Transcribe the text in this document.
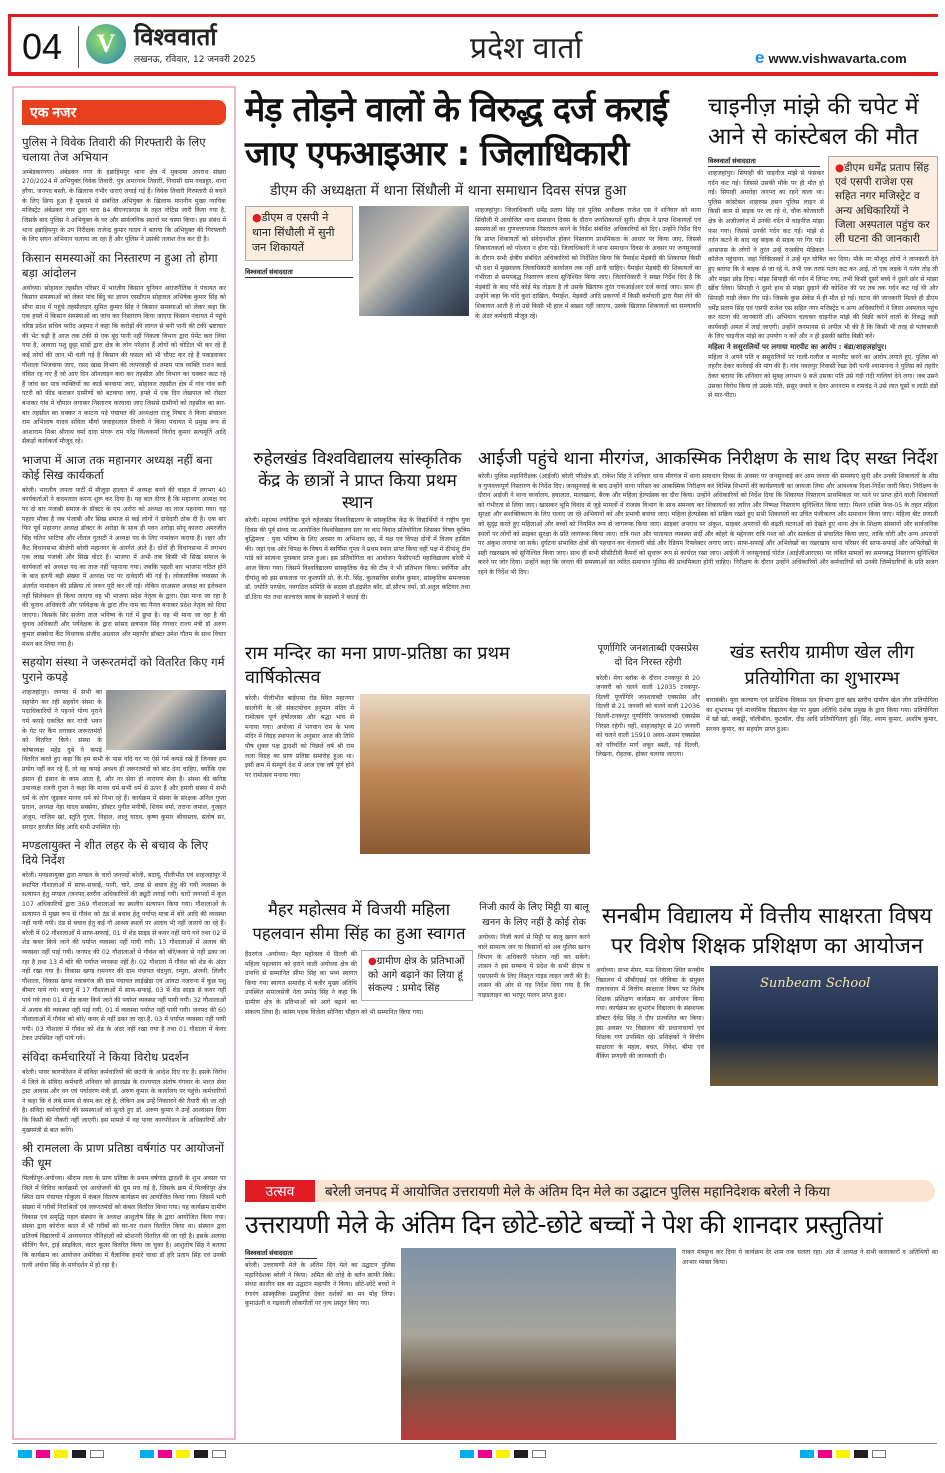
04	V विश्ववार्ता
लखनऊ, रविवार, 12 जनवरी 2025	प्रदेश वार्ता	e www.vishwavarta.com
एक नजर
पुलिस ने विवेक तिवारी की गिरफ्तारी के लिए चलाया तेज अभियान

अम्बेडकरनगर। अंबेडकर नगर के इब्राहिमपुर थाना क्षेत्र में मुकदमा अपराध संख्या 270/2024 में अभियुक्त विवेक तिवारी, पुत्र अमरनाथ तिवारी, निवासी ग्राम नवडहुर, थाना हरैया, जनपद बस्ती, के खिलाफ गंभीर धाराएं लगाई गई हैं। विवेक तिवारी गिरफ्तारी से बचने के लिए छिपा हुआ है मुकदमे से संबंधित अभियुक्त के खिलाफ माननीय मुख्य न्यायिक मजिस्ट्रेट अंबेडकर नगर द्वारा धारा 84 बीएनएसएस के तहत नोटिस जारी किया गया है, जिसके बाद पुलिस ने अभियुक्त के घर और सार्वजनिक स्थानों पर चस्पा किया। इस संबंध में थाना इब्राहिमपुर के उप निरीक्षक राजेन्द्र कुमार यादव ने बताया कि अभियुक्त की गिरफ्तारी के लिए सघन अभियान चलाया जा रहा है और पुलिस ने उसकी तलाश तेज कर दी है।

किसान समस्याओं का निस्तारण न हुआ तो होगा बड़ा आंदोलन

अयोध्या। सोहावल तहसील परिसर में भारतीय किसान यूनियन अराजनैतिक ने पंचायत कर किसान समस्याओं को लेकर पांच बिंदु का ज्ञापन एसडीएम सोहावल अभिषेक कुमार सिंह को सौंपा साथ में पहुंचे तहसीलदार सुमित कुमार सिंह ने किसान समस्याओं को लेकर कहा कि एक हफ्ते में किसान समस्याओं का जांच कर निस्तारण किया जाएगा किसान पंचायत में पहुंचे वरिष्ठ प्रदेश सचिव फरीद अहमद ने कहा कि करोड़ों की लागत से बनी पानी की टंकी भ्रष्टाचार की भेंट चढ़ी है आज तक टंकी से एक बूंद पानी नहीं निकला विभाग द्वारा पेमेंट करा लिया गया है, आवारा पशु छुट्टा सांडों द्वारा क्षेत्र के लोग परेशान हैं लोगों को चोटिल भी कर रहे हैं कई लोगों की जान भी चली गई है किसान की फसल को भी चौपट कर रहे हैं पकड़वाकर गौशाला भिजवाया जाए, रसद खाद्य विभाग की लापरवाही से तमाम पात्र व्यक्ति राशन कार्ड वंचित रह गए हैं जो आए दिन ऑनलाइन करा कर तहसील और विभाग का चक्कर काट रहे हैं जांच कर पात्र व्यक्तियों का कार्ड बनवाया जाए, सोहावल तहसील क्षेत्र में गांव गांव बनी पटरी को फीड कराकर ग्रामीणों को बटवाया जाए, हफ्ते में एक दिन लेखपाल को रोस्टर बनाकर गांव में चौपाल लगाकर निस्तारण करवाया जाए जिससे ग्रामीणों को तहसील का बार-बार तहसील का चक्कर न काटना पड़े पंचायत की अध्यक्षता राजू निषाद ने किया संचालन राम अभिलाष यादव सविता मौर्या जवाहरलाल तिवारी ने किया पंचायत में प्रमुख रूप से आशाराम मिश्रा श्रीनाथ वर्मा दादा मंगरू राम नरेंद्र विश्वकर्मा विनोद कुमार सत्यमूर्ति आदि सैकड़ों कार्यकर्ता मौजूद रहे।

भाजपा में आज तक महानगर अध्यक्ष नहीं बना कोई सिख कार्यकर्ता

बरेली। भारतीय जनता पार्टी में मौजूदा हालात में अध्यक्ष बनने की चाहत में लगभग 40 कार्यकर्ताओं ने कदमताल करना शुरू कर दिया है। यह बात दीगर है कि महानगर अध्यक्ष पद पर दो बार पंजाबी समाज के डॉक्टर के एम अरोरा को अध्यक्ष का ताज पहनाया गया। यह पहला मौका है जब पंजाबी और सिख समाज से कई लोगों ने दावेदारी ठोक दी है। एक बार फिर पूर्व महानगर अध्यक्ष डॉक्टर के अरोड़ा के साथ ही पवन अरोड़ा सोनू कालरा अमरजीत सिंह यतिन भाटिया और शीतल गुलाटी ने अध्यक्ष पद के लिए नामांकन कराया है। शहर और कैंट विधानसभा बीजेपी बरेली महानगर के अंतर्गत आते हैं। दोनों ही विधानसभा में लगभग एक लाख पंजाबी और सिख वोटर हैं। भाजपा में अभी तक किसी भी सिख समाज के कार्यकर्ता को अध्यक्ष पद का ताज नहीं पहनाया गया। जबकि पहली बार भाजपा गठित होने के बाद इतनी बड़ी संख्या में अध्यक्ष पद पर दावेदारी की गई है। लोकतांत्रिक व्यवस्था के अंतर्गत नामांकन की प्रक्रिया तो जरूर पूरी कर ली गई। लेकिन दरअसल अध्यक्ष का इलेक्शन नहीं सिलेक्शन ही किया जाएगा वह भी भाजपा प्रदेश नेतृत्व के द्वारा। ऐसा माना जा रहा है की चुनाव अधिकारी और पर्यवेक्षक के द्वारा तीन नाम का पैनल बनाकर प्रदेश नेतृत्व को दिया जाएगा। किसके सिर सजेगा ताज भविष्य के गर्त में छुपा है। यह भी माना जा रहा है की चुनाव अधिकारी और पर्यवेक्षक के द्वारा सांसद छत्रपाल सिंह गंगवार राज्य मंत्री डॉ अरुण कुमार सक्सेना कैंट विधायक संजीव अग्रवाल और महापौर डॉक्टर उमेश गौतम के साथ विचार मंथन कर लिया गया है।

सहयोग संस्था ने जरूरतमंदों को वितरित किए गर्म पुराने कपड़े

शाहजहांपुर। जनपद में सभी का सहयोग कर रही सहयोग संस्था के पदाधिकारियों ने पहनने योग्य पुराने गर्म कपड़े एकत्रित कर गांधी भवन के गेट पर कैंप लगाकर जरूरतमंदों को वितरित किये। संस्था के कोषाध्यक्ष महेंद्र दुबे ने कपड़े वितरित करते हुए कहा कि हम सभी के पास यदि घर पर ऐसे गर्म कपड़े रखे हैं जिनका हम प्रयोग नहीं कर रहे हैं, तो वह कपड़े अवश्य ही जरूरतमंदों को बांट देना चाहिए, क्योंकि एक इंसान ही इंसान के काम आता है, और नर सेवा ही नारायण सेवा है। संस्था की कनिष्ठ उपाध्यक्ष रजनी गुप्ता ने कहा कि मानव धर्म सभी धर्म से ऊपर है और हमारी संस्था में सभी धर्म के लोग जुड़कर मानव धर्म को निभा रहे हैं। कार्यक्रम में संस्था के संरक्षक अनिल गुप्ता प्रधान, अध्यक्ष नेहा यादव सक्सेना, डॉक्टर पुनीत मनीषी, शिवम वर्मा, तराना जमाल, नुजहत अंजुम, नाजिम खां, स्तुति गुप्ता, निहाल, शालू यादव, कृष्ण कुमार श्रीवास्तव, संतोष सर, सरदार हरजीत सिंह आदि सभी उपस्थित रहे।

मण्डलायुक्त ने शीत लहर के से बचाव के लिए दिये निर्देश

बरेली। मण्डलायुक्त द्वारा मण्डल के चारों जनपदों बरेली, बदायूं, पीलीभीत एवं शाहजहांपुर में स्थापित गौशालाओं में साफ-सफाई, पानी, चारे, ठण्ड से बचाव हेतु की गयी व्यवस्था के सत्यापन हेतु मण्डल /जनपद स्तरीय अधिकारियों की ड्यूटी लगाई गयी। चारों जनपदों में कुल 107 अधिकारियों द्वारा 369 गौशालाओं का स्थलीय सत्यापन किया गया। गौशालाओं के सत्यापन में मुख्य रूप से गौवंश को ठंड से बचाव हेतु पर्याप्त मात्रा में बोरे आदि की व्यवस्था नहीं पायी गयी। ठंड से बचाव हेतु कई गौ आश्रय स्थलों पर अलाव भी नहीं जलाये जा रहे हैं। बरेली में 02 गौशालाओं में साफ-सफाई, 01 में शेड साइड से कवर नहीं पाये गये तथा 02 में शेड कवर किये जाने की पर्याप्त व्यवस्था नहीं पायी गयी। 13 गौशालाओं में अलाव की व्यवस्था नहीं पाई गयी। जनपद की 02 गौशालाओं में गौवंश को बोरे/कवर से नहीं ढका जा रहा है तथा 13 में बोरे की पर्याप्त व्यवस्था नहीं है। 02 गौशाला में गौवंश को शेड के अंदर नहीं रखा गया है। विकास खण्ड रामनगर की ग्राम पंचायत चंदपुरा, रम्पुरा, अंजनी, लिलौर गौशाला, विकास खण्ड नवाबगंज की ग्राम पंचायत लाईखेड़ा एवं आंवटा नजराना में कुछ पशु बीमार पाये गये। बदायूं में 17 गौशालाओं में साफ-सफाई, 03 में शेड साइड से कवर नहीं पाये गये तथा 01 में शेड कवर किये जाने की पर्याप्त व्यवस्था नहीं पायी गयी। 32 गौशालाओं में अलाव की व्यवस्था नहीं पाई गयी, 01 में व्यवस्था पर्याप्त नहीं पायी गयी। जनपद की 60 गौशालाओं में गौवंश को बोरे/ कवर से नहीं ढका जा रहा है, 03 में पर्याप्त व्यवस्था नहीं पायी गयी। 03 गौशाला में गौवंश को शेड के अंदर नहीं रखा गया है तथा 01 गौशाला में केयर टेकर उपस्थित नहीं पाये गये।

संविदा कर्मचारियों ने किया विरोध प्रदर्शन

बरेली। पावर कारपोरेशन में संविदा कर्मचारियों की छंटनी के आदेश दिए गए हैं। इसके विरोध में जिले के संविदा कर्मचारी शनिवार को झारखंड के राज्यपाल संतोष गंगवार के भारत सेवा ट्रस्ट आवास और वन एवं पर्यावरण मंत्री डॉ. अरुण कुमार के कार्यालय पर पहुंचे। कर्मचारियों ने कहा कि वे लंबे समय से काम कर रहे हैं, लेकिन अब उन्हें निकालने की तैयारी की जा रही है। संविदा कर्मचारियों की समस्याओं को सुनते हुए डॉ. अरुण कुमार ने उन्हें आश्वासन दिया कि किसी की नौकरी नहीं जाएगी। इस मामले में वह पावर कारपोरेशन के अधिकारियों और मुख्यमंत्री से बात करेंगे।

श्री रामलला के प्राण प्रतिष्ठा वर्षगांठ पर आयोजनों की धूम

मिल्कीपुर-अयोध्या। श्रीराम लला के प्राण प्रतिष्ठा के प्रथम वर्षगांठ द्वादशी के शुभ अवसर पर जिले में विविध कार्यक्रमों एवं आयोजनों की धूम मच गई है, जिसके क्रम में मिल्कीपुर क्षेत्र स्थित ग्राम पंचायत गोकुला में कंबल वितरण कार्यक्रम का आयोजित किया गया। जिसमें भारी संख्या में गरीबों निराश्रितों एवं जरूरतमंदों को कंबल वितरित किया गया। यह कार्यक्रम ग्रामीण विकास एवं समृद्धि पहल संस्थान के अध्यक्ष आशुतोष सिंह के द्वारा आयोजित किया गया। संस्था द्वारा कोरोना काल में भी गरीबों को घर-घर राशन वितरित किया था। संस्थान द्वारा प्रतिवर्ष विद्यालयों में अध्ययनरत नौनिहालों को स्टेशनरी वितरित की जा रही है। इसके अलावा सीलिंग फैन, ट्राई साइकिल, वाटर कूलर वितरित किया जा चुका है। आशुतोष सिंह ने बताया कि कार्यक्रम का आयोजन अमेरिका में वैज्ञानिक हमारे चाचा डॉ हरि प्रताप सिंह एवं उनकी पत्नी अर्चना सिंह के मार्गदर्शन में हो रहा है।

मेड़ तोड़ने वालों के विरुद्ध दर्ज कराई जाए एफआइआर : जिलाधिकारी
डीएम की अध्यक्षता में थाना सिंधौली में थाना समाधान दिवस संपन्न हुआ
●डीएम व एसपी ने थाना सिंधौली में सुनी जन शिकायतें
विश्ववार्ता संवाददाता

शाहजहांपुर। जिलाधिकारी धर्मेंद्र प्रताप सिंह एवं पुलिस अधीक्षक राजेश एस ने शनिवार को थाना सिंधौली में आयोजित थाना समाधान दिवस के दौरान जनशिकायतें सुनी। डीएम ने प्राप्त शिकायतों एवं समस्याओं का गुणवत्तापरक निस्तारण करने के निर्देश संबंधित अधिकारियों को दिए। उन्होंने निर्देश दिए कि प्राप्त शिकायतों को संवेदनशील होकर निस्तारण प्राथमिकता के आधार पर किया जाए, जिससे शिकायतकर्ता को परेशान न होना पड़े। जिलाधिकारी ने थाना समाधान दिवस के अवसर पर जनसुनवाई के दौरान सभी क्षेत्रीय संबंधित अधिकारियों को निर्देशित किया कि पैमाईश मेड़बंदी की शिकायत किसी भी दशा में मुख्यालय जिलाधिकारी कार्यालय तक नहीं आनी चाहिए। पैमाईश मेड़बंदी की शिकायतों का गंभीरता से समयबद्ध निस्तारण करना सुनिश्चित किया जाए। जिलाधिकारी ने सख्त निर्देश दिए हैं कि मेड़बंदी के बाद यदि कोई मेड़ तोड़ता है तो उसके खिलाफ तुरंत एफआईआर दर्ज कराई जाए। साथ ही उन्होंने कहा कि यदि कुरां दाखिल, पैमाईश, मेड़बंदी आदि प्रकरणों में किसी कर्मचारी द्वारा पैसा लेने की शिकायत आती है तो उसे किसी भी हाल में बख्शा नहीं जाएगा, उसके खिलाफ शिकायतों का समयावधि के अंदर कर्मचारी मौजूद रहे।

चाइनीज़ मांझे की चपेट में आने से कांस्टेबल की मौत
●डीएम धर्मेंद्र प्रताप सिंह एवं एसपी राजेश एस सहित नगर मजिस्ट्रेट व अन्य अधिकारियों ने जिला अस्पताल पहुंच कर ली घटना की जानकारी
विश्ववार्ता संवाददाता

शाहजहांपुर। सिपाही की चाइनीज मांझे से फंसकर गर्दन कट गई। जिससे उसकी मौके पर ही मौत हो गई। सिपाही अमरोहा जनपद का रहने वाला था। पुलिस कांस्टेबल शाहरुख हसन पुलिस लाइन से किसी काम से बाइक पर जा रहे थे, चौक कोतवाली क्षेत्र के अजीजगंज में उनकी गर्दन में चाइनीज मांझा फंस गया। जिससे उनकी गर्दन कट गई। मांझे से गर्दन कटने के बाद वह बाइक से सड़क पर गिर पड़े। आसपास के लोगों ने तुरंत उन्हें राजकीय मेडिकल कॉलेज पहुंचाया, जहां चिकित्सकों ने उन्हें मृत घोषित कर दिया। मौके पर मौजूद लोगों ने जानकारी देते हुए बताया कि ये बाइक से जा रहे थे, तभी एक तरफ पतंग कट कर आई, तो एक लड़के ने पतंग तोड़ ली और मांझा छोड़ दिया। मांझा सिपाही की गर्दन में लिपट गया, तभी किसी दूसरे बच्चे ने दूसरे छोर से मांझा खींच लिया। सिपाही ने दूसरे हाथ से मांझा छुड़ाने की कोशिश की पर तब तक गर्दन कट गई थी और सिपाही गाड़ी लेकर गिर पड़े। जिसके कुछ सेकेंड में ही मौत हो गई। घटना की जानकारी मिलते ही डीएम धर्मेंद्र प्रताप सिंह एवं एसपी राजेश एस सहित नगर मजिस्ट्रेट व अन्य अधिकारियों ने जिला अस्पताल पहुंच कर घटना की जानकारी ली। अभियान चलाकर चाइनीज मांझे की बिक्री करने वालों के विरुद्ध कड़ी कार्यवाही अमल में लाई जाएगी। उन्होंने जनमानस से अपील भी की है कि किसी भी तरह से पतंगबाजी के लिए चाइनीज मांझे का उपयोग न करें और न ही इसकी खरीद बिक्री करें।

महिला ने ससुरालियों पर लगाया मारपीट का आरोप : बंडा/शाहजहांपुर।

महिला ने अपने पति व ससुरालियों पर गाली-गलौज व मारपीट करने का आरोप लगाते हुए, पुलिस को तहरीर देकर कार्रवाई की मांग की है। गांव नवलपुर निवासी रेखा देवी पत्नी श्यामानन्द ने पुलिस को तहरीर देकर बताया कि शनिवार को सुबह लगभग 9 बजे उसका पति उसे गंदी गंदी गालियां देने लगा। जब उसने उसका विरोध किया तो उसके पति, ससुर जवारे व देवर अननराम व रामचंद्र ने उसे लात घूसों व लाठी डंडों से मार-पीटा।

रुहेलखंड विश्वविद्यालय सांस्कृतिक केंद्र के छात्रों ने प्राप्त किया प्रथम स्थान

बरेली। महात्मा ज्योतिबा फुले रुहेलखंड विश्वविद्यालय के सांस्कृतिक केंद्र के विद्यार्थियों ने राष्ट्रीय युवा दिवस की पूर्व संध्या पर आयोजित विश्वविद्यालय स्तर पर वाद विवाद प्रतियोगिता जिसका विषय कृत्रिम बुद्धिमत्ता : युवा भविष्य के लिए अवसर या अभिशाप रहा, में पक्ष एवं विपक्ष दोनों में विजय हासिल की। जहां एक ओर विपक्ष के विषय में स्वर्णिमा गुप्ता ने प्रथम स्थान प्राप्त किया वहीं पक्ष में दीपांशु टीम पांडे को सांत्वना पुरस्कार प्राप्त हुआ। इस प्रतियोगिता का आयोजन फैसीएनटी महाविद्यालय बरेली में आज किया गया। जिसमें विश्वविद्यालय सांस्कृतिक केंद्र की टीम ने भी प्रतिभाग किया। स्वर्णिमा और दीपांशु को इस सफलता पर कुलपति प्रो. के.पी. सिंह, कुलसचिव संजीव कुमार, सांस्कृतिक समन्वयक डॉ. ज्योति पाण्डेय, नवगठित समिति के सदस्य डॉ.इंद्रप्रीत कौर, डॉ.सौरभ वर्मा, डॉ.अतुल कटियार तथा डॉ.दिना पंत तथा कल्चरल क्लब के सदस्यों ने बधाई दी।

आईजी पहुंचे थाना मीरगंज, आकस्मिक निरीक्षण के साथ दिए सख्त निर्देश

बरेली। पुलिस महानिरीक्षक (आईजी) बरेली परिक्षेत्र डॉ. राकेश सिंह ने शनिवार थाना मीरगंज में थाना समाधान दिवस के अवसर पर जनसुनवाई कर आम जनता की समस्याएं सुनी और उनकी शिकायतों के शीघ्र व गुणवत्तापूर्ण निस्तारण के निर्देश दिए। जनसुनवाई के बाद उन्होंने थाना परिसर का आकस्मिक निरीक्षण कर विभिन्न विभागों की कार्यप्रणाली का जायजा लिया और आवश्यक दिशा-निर्देश जारी किए। निरीक्षण के दौरान आईजी ने थाना कार्यालय, हवालात, मालखाना, बैरक और महिला हेल्पडेस्क का दौरा किया। उन्होंने अधिकारियों को निर्देश दिया कि शिकायत निस्तारण प्राथमिकता पर थाने पर प्राप्त होने वाली शिकायतों को गंभीरता से लिया जाए। खासकर भूमि विवाद से जुड़े मामलों में राजस्व विभाग के साथ समन्वय कर शिकायतों का त्वरित और निष्पक्ष निस्तारण सुनिश्चित किया जाए। मिशन शक्ति फेज-05 के तहत महिला सुरक्षा और सशक्तिकरण के लिए चलाए जा रहे अभियानों को और प्रभावी बनाया जाए। महिला हेल्पडेस्क को सक्रिय रखते हुए सभी शिकायतों का उचित पंजीकरण और समाधान किया जाए। महिला बीट प्रणाली को सुदृढ़ करते हुए महिलाओं और बच्चों को नियमित रूप से जागरूक किया जाए। साइबर अपराध पर अंकुश, साइबर अपराधों की बढ़ती घटनाओं को देखते हुए थाना क्षेत्र के शिक्षण संस्थानों और सार्वजनिक स्थलों पर लोगों को साइबर सुरक्षा के प्रति जागरूक किया जाए। रात्रि गश्त और यातायात व्यवस्था सर्दी और कोहरे के मद्देनजर रात्रि गश्त को और सतर्कता से संचालित किया जाए, ताकि चोरी और अन्य अपराधों पर अंकुश लगाया जा सके। दुर्घटना संभावित क्षेत्रों की पहचान कर चेतावनी बोर्ड और रेडियम रिफ्लेक्टर लगाए जाएं। साफ-सफाई और अभिलेखों का रखरखाव थाना परिसर की साफ-सफाई और अभिलेखों के सही रखरखाव को सुनिश्चित किया जाए। साथ ही सभी सीसीटीवी कैमरों को सुचारू रूप से कार्यरत रखा जाए। आईजी ने जनसुनवाई पोर्टल (आईजीआरएस) पर लंबित मामलों का समयबद्ध निस्तारण सुनिश्चित करने पर जोर दिया। उन्होंने कहा कि जनता की समस्याओं का त्वरित समाधान पुलिस की प्राथमिकता होनी चाहिए। निरीक्षण के दौरान उन्होंने अधिकारियों और कर्मचारियों को उनकी जिम्मेदारियों के प्रति सजग रहने के निर्देश भी दिए।

राम मन्दिर का मना प्राण-प्रतिष्ठा का प्रथम वार्षिकोत्सव

बरेली। पीलीभीत बाईपास रोड स्थित महानगर कालोनी के श्री संकटमोचन हनुमान मंदिर में रामोत्सव पूर्ण हर्षोल्लास और श्रद्धा भाव से मनाया गया। अयोध्या में भगवान राम के भव्य मंदिर में विग्रह स्थापना के अनुसार आज की तिथि पौष शुक्ल पक्ष द्वादशी को पिछले वर्ष श्री राम लला विग्रह का प्राण प्रतिष्ठा समारोह हुआ था। इसी क्रम में सम्पूर्ण देश में आज एक वर्ष पूर्ण होने पर रामोत्सव मनाया गया।

पूर्णागिरि जनशताब्दी एक्सप्रेस दो दिन निरस्त रहेगी

बरेली। मेगा ब्लॉक के दौरान टनकपुर से 20 जनवरी को चलने वाली 12035 टनकपुर-दिल्ली पूर्णागिरि जनशताब्दी एक्सप्रेस और दिल्ली से 21 जनवरी को चलने वाली 12036 दिल्ली-टनकपुर पूर्णागिरि जनशताब्दी एक्सप्रेस निरस्त रहेगी। यहीं, शाहजहांपुर से 20 जनवरी को चलने वाली 15910 अवध-असम एक्सप्रेस को परिवर्तित मार्ग शकूर बस्ती, नई दिल्ली, लिखना, रोहतक, होकर चलाया जाएगा।

खंड स्तरीय ग्रामीण खेल लीग प्रतियोगिता का शुभारम्भ

बाराबंकी। युवा कल्याण एवं प्रादेशिक विकास दल विभाग द्वारा खंड स्तरीय ग्रामीण खेल लीग प्रतियोगिता का शुभारम्भ पूर्व माध्यमिक विद्यालय बेड़ा पर मुख्य अतिथि दर्शक प्रमुख के द्वारा किया गया। प्रतियोगिता में खो खो, कबड्डी, वॉलीबॉल, फुटबॉल, दौड़ आदि प्रतियोगिताएं हुईं। सिंह, श्याम कुमार, आशीष कुमार, सरवन कुमार, का सहयोग प्राप्त हुआ।

मैहर महोत्सव में विजयी महिला पहलवान सीमा सिंह का हुआ स्वागत
●ग्रामीण क्षेत्र के प्रतिभाओं को आगे बढ़ाने का लिया हूं संकल्प : प्रमोद सिंह

हैदरगंज -अयोध्या। मैहर महोत्सव में दिल्ली की महिला पहलवान को हराने वाली अयोध्या क्षेत्र की उपाधि से सम्मानित सीमा सिंह का भव्य स्वागत किया गया स्वागत समारोह में बतौर मुख्य अतिथि उपस्थित समाजसेवी नेता प्रमोद सिंह ने कहा कि ग्रामीण क्षेत्र के प्रतिभाओं को आगे बढ़ाने का संकल्प लिया है। कांस्य पदक विजेता सोनिया चौहान को भी सम्मानित किया गया।

निजी कार्य के लिए मिट्टी या बालू खनन के लिए नहीं है कोई रोक

अयोध्या। निजी कार्य से मिट्टी या बालू खनन करने वाले सामान्य जन या किसानों को अब पुलिस खनन विभाग के अधिकारी परेशान नहीं कर सकेंगे। शासन ने इस सम्बन्ध में प्रदेश के सभी डीएम व एसएसपी के लिए विस्तृत गाइड लाइन जारी की है। शासन की ओर से यह निर्देश दिया गया है कि गाइडलाइन का भरपूर पालन प्राप्त हुआ।

सनबीम विद्यालय में वित्तीय साक्षरता विषय पर विशेष शिक्षक प्रशिक्षण का आयोजन

अयोध्या। डाभा सेमर, मऊ शिवाला स्थित सनबीम विद्यालय में सीबीएसई एवं जीविका के संयुक्त तत्वावधान में वित्तीय साक्षरता विषय पर विशेष शिक्षक प्रशिक्षण कार्यक्रम का आयोजन किया गया। कार्यक्रम का शुभारंभ विद्यालय के संस्थापक डॉक्टर देवेंद्र सिंह ने दीप प्रज्वलित कर किया। इस अवसर पर विद्यालय की प्रधानाचार्या एवं शिक्षक गण उपस्थित रहे। प्रशिक्षकों ने वित्तीय साक्षरता के महत्व, बचत, निवेश, बीमा एवं बैंकिंग प्रणाली की जानकारी दी।

Sunbeam School
उत्सव	बरेली जनपद में आयोजित उत्तरायणी मेले के अंतिम दिन मेले का उद्घाटन पुलिस महानिदेशक बरेली ने किया
उत्तरायणी मेले के अंतिम दिन छोटे-छोटे बच्चों ने पेश की शानदार प्रस्तुतियां
विश्ववार्ता संवाददाता

बरेली। उत्तरायणी मेले के अंतिम दिन मेले का उद्घाटन पुलिस महानिदेशक बरेली ने किया। अमित की लोहे के बर्तन काफी बिके। संध्या कालीन सत्र का उद्घाटन महापौर ने किया। छोटे-छोटे बच्चों ने रंगारंग सांस्कृतिक प्रस्तुतियां देकर दर्शकों का मन मोह लिया। कुमाऊंनी व गढ़वाली लोकगीतों पर नृत्य प्रस्तुत किए गए।

गाकर मंत्रमुग्ध कर दिया ये कार्यक्रम देर शाम तक चलता रहा। अंत में अध्यक्ष ने सभी कलाकारों व अतिथियों का आभार व्यक्त किया।
